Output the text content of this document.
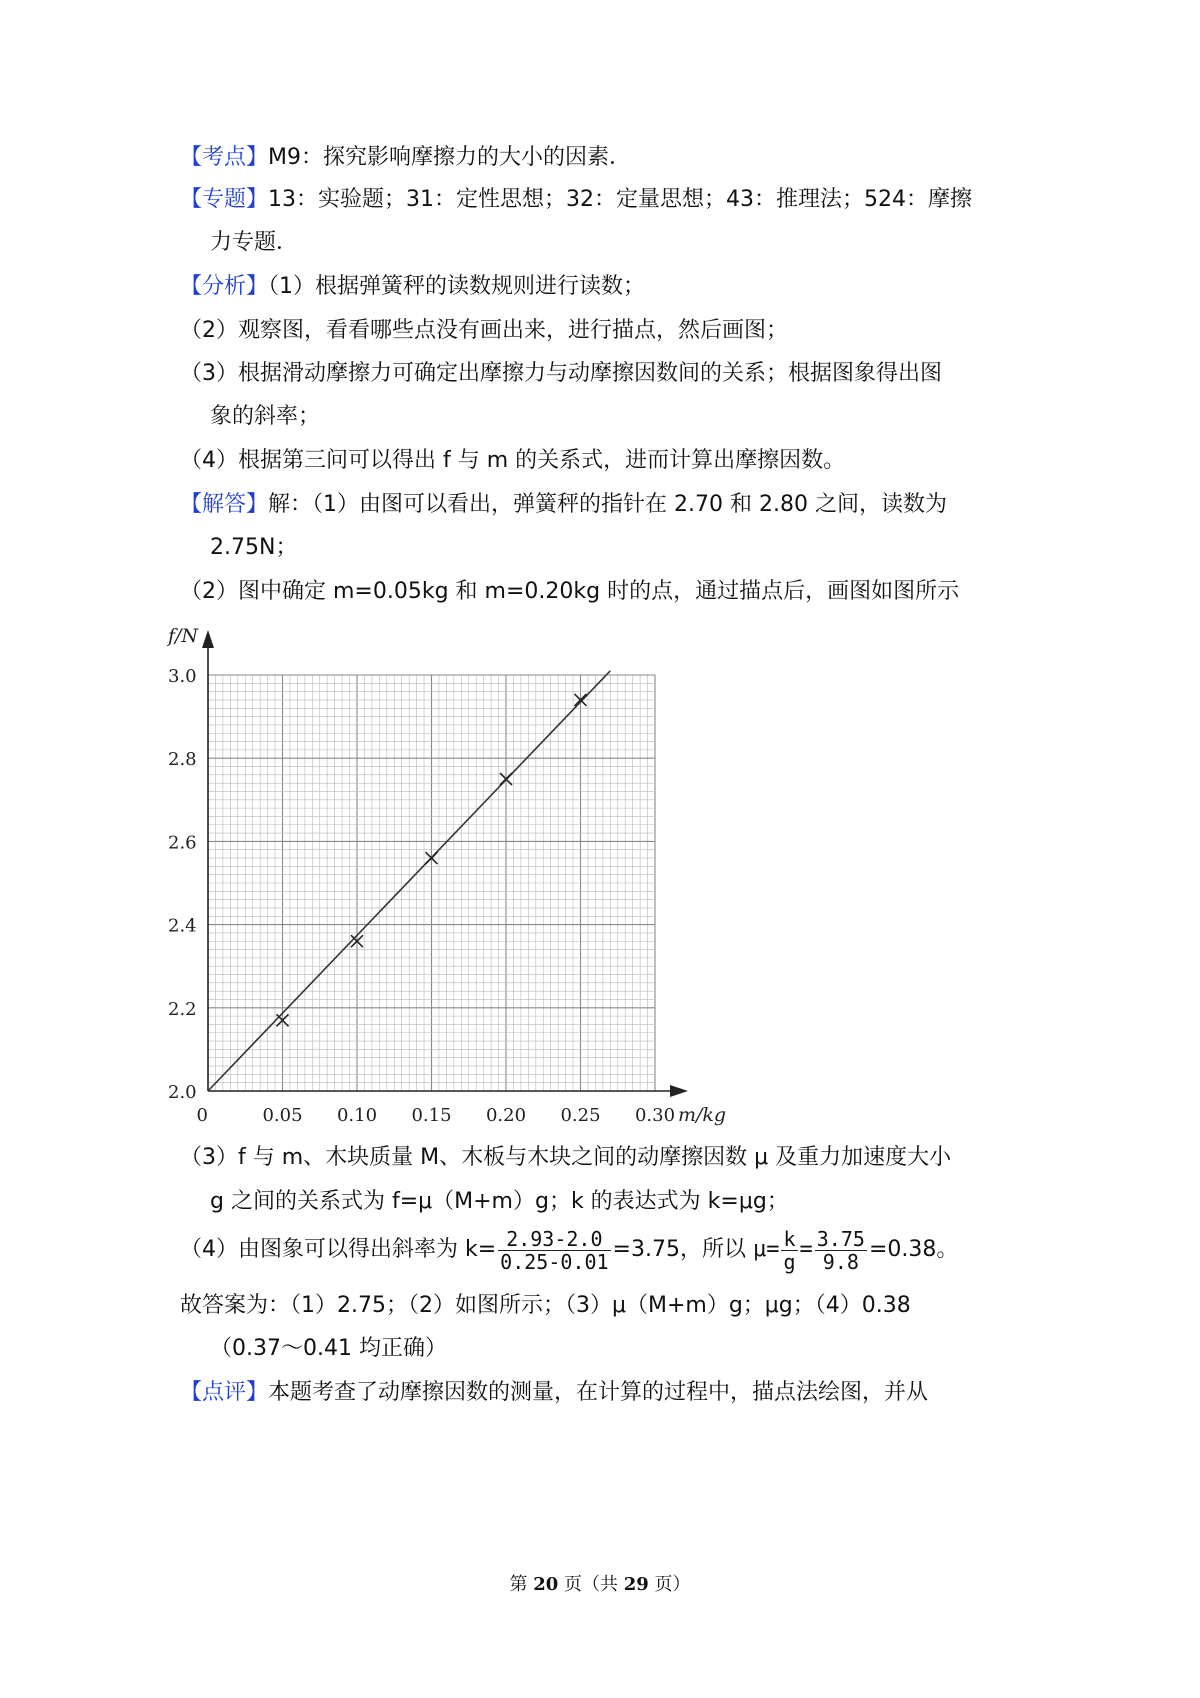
【考点】M9：探究影响摩擦力的大小的因素．
【专题】13：实验题；31：定性思想；32：定量思想；43：推理法；524：摩擦
力专题．
【分析】（1）根据弹簧秤的读数规则进行读数；
（2）观察图，看看哪些点没有画出来，进行描点，然后画图；
（3）根据滑动摩擦力可确定出摩擦力与动摩擦因数间的关系；根据图象得出图
象的斜率；
（4）根据第三问可以得出 f 与 m 的关系式，进而计算出摩擦因数。
【解答】解：（1）由图可以看出，弹簧秤的指针在 2.70 和 2.80 之间，读数为
2.75N；
（2）图中确定 m=0.05kg 和 m=0.20kg 时的点，通过描点后，画图如图所示
2.0
2.2
2.4
2.6
2.8
3.0
0	0.05 0.10 0.15 0.20 0.25 0.30 m/kg
f/N
（3）f 与 m、木块质量 M、木板与木块之间的动摩擦因数 μ 及重力加速度大小
g 之间的关系式为 f=μ（M+m）g；k 的表达式为 k=μg；
（4）由图象可以得出斜率为 $k= \frac{2.93-2.0}{0.25-0.01} =3.75$，所以 $\mu= \frac{k}{g} = \frac{3.75}{9.8} =0.38$。
故答案为：（1）2.75；（2）如图所示；（3）μ（M+m）g；μg；（4）0.38
（0.37～0.41 均正确）
【点评】本题考查了动摩擦因数的测量，在计算的过程中，描点法绘图，并从
第 20 页（共 29 页）
